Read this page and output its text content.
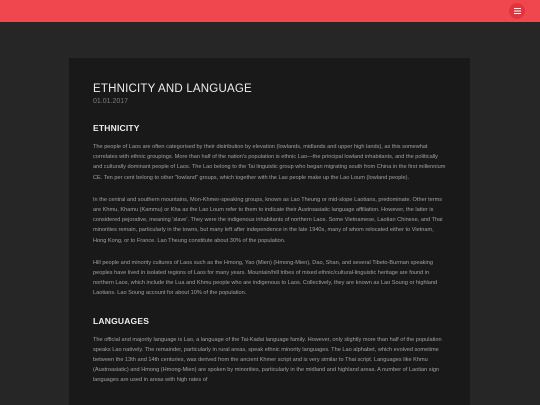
ETHNICITY AND LANGUAGE
01.01.2017
ETHNICITY

The people of Laos are often categorised by their distribution by elevation (lowlands, midlands and upper high lands), as this somewhat correlates with ethnic groupings. More than half of the nation's population is ethnic Lao—the principal lowland inhabitants, and the politically and culturally dominant people of Laos. The Lao belong to the Tai linguistic group who began migrating south from China in the first millennium CE. Ten per cent belong to other "lowland" groups, which together with the Lao people make up the Lao Loum (lowland people).

In the central and southern mountains, Mon-Khmer-speaking groups, known as Lao Theung or mid-slope Laotians, predominate. Other terms are Khmu, Khamu (Kammu) or Kha as the Lao Loum refer to them to indicate their Austroasiatic language affiliation. However, the latter is considered pejorative, meaning 'slave'. They were the indigenous inhabitants of northern Laos. Some Vietnamese, Laotian Chinese, and Thai minorities remain, particularly in the towns, but many left after independence in the late 1940s, many of whom relocated either to Vietnam, Hong Kong, or to France. Lao Theung constitute about 30% of the population.

Hill people and minority cultures of Laos such as the Hmong, Yao (Mien) (Hmong-Mien), Dao, Shan, and several Tibeto-Burman speaking peoples have lived in isolated regions of Laos for many years. Mountain/hill tribes of mixed ethnic/cultural-linguistic heritage are found in northern Laos, which include the Lua and Khmu people who are indigenous to Laos. Collectively, they are known as Lao Soung or highland Laotians. Lao Soung account for about 10% of the population.

LANGUAGES

The official and majority language is Lao, a language of the Tai-Kadai language family. However, only slightly more than half of the population speaks Lao natively. The remainder, particularly in rural areas, speak ethnic minority languages. The Lao alphabet, which evolved sometime between the 13th and 14th centuries, was derived from the ancient Khmer script and is very similar to Thai script. Languages like Khmu (Austroasiatic) and Hmong (Hmong-Mien) are spoken by minorities, particularly in the midland and highland areas. A number of Laotian sign languages are used in areas with high rates of
